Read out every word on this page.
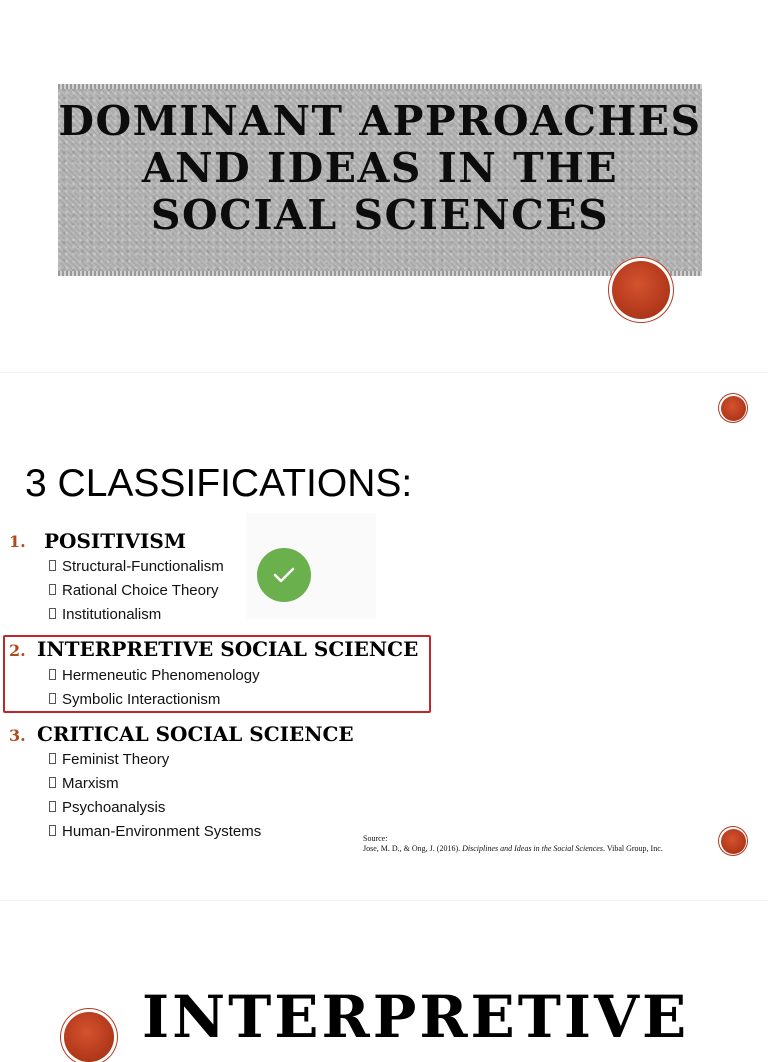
DOMINANT APPROACHES
AND IDEAS IN THE
SOCIAL SCIENCES
3 CLASSIFICATIONS:
1. POSITIVISM

Structural-Functionalism

Rational Choice Theory

Institutionalism

2. INTERPRETIVE SOCIAL SCIENCE

Hermeneutic Phenomenology

Symbolic Interactionism

3. CRITICAL SOCIAL SCIENCE

Feminist Theory

Marxism

Psychoanalysis

Human-Environment Systems	Source:
Jose, M. D., & Ong, J. (2016). Disciplines and Ideas in the Social Sciences. Vibal Group, Inc.
INTERPRETIVE
